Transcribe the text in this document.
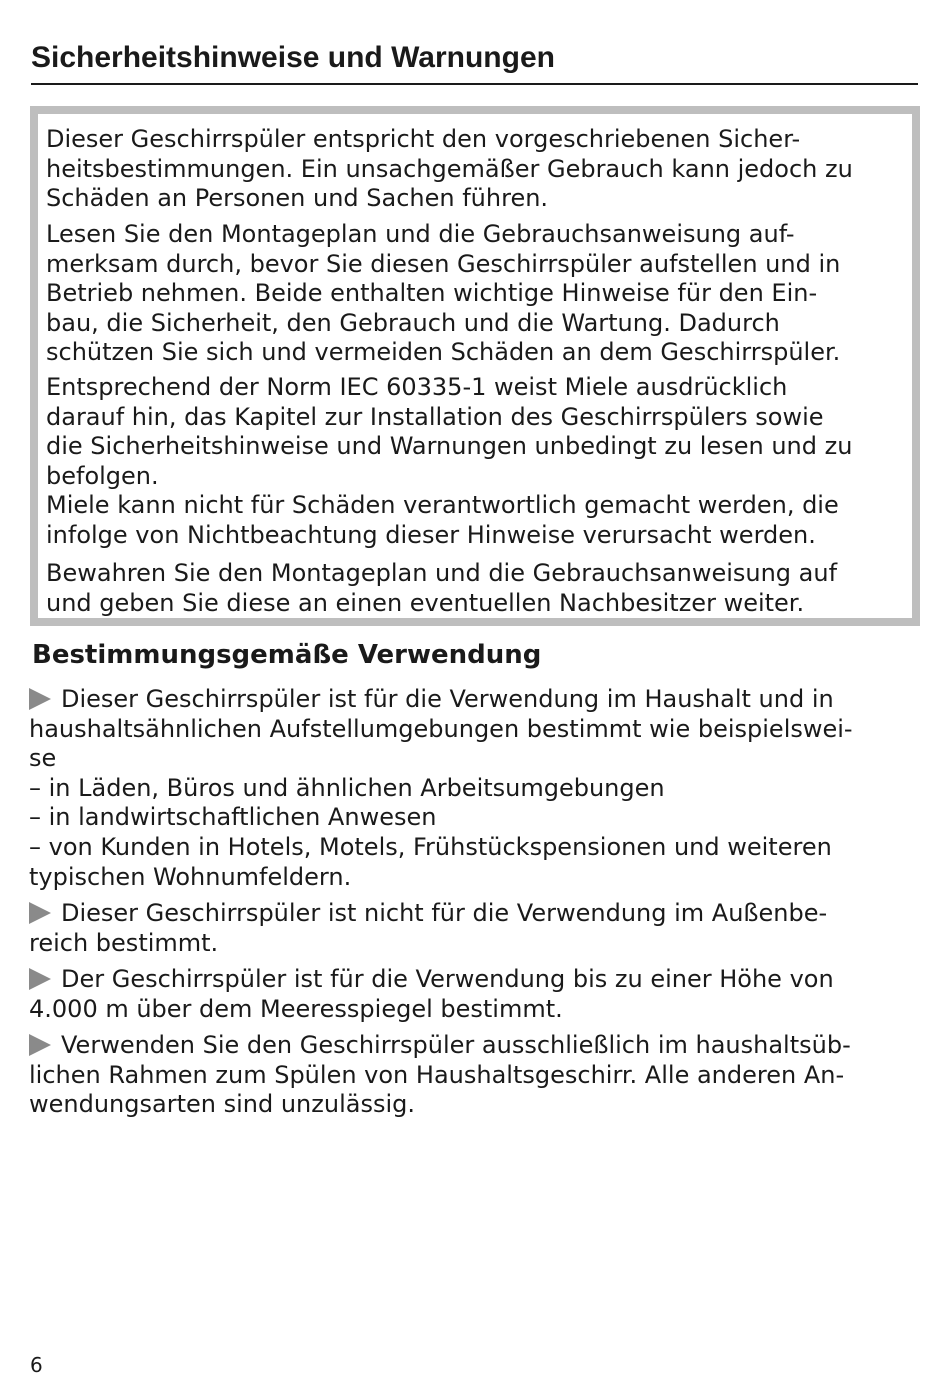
Sicherheitshinweise und Warnungen

Dieser Geschirrspüler entspricht den vorgeschriebenen Sicher-
heitsbestimmungen. Ein unsachgemäßer Gebrauch kann jedoch zu
Schäden an Personen und Sachen führen.

Lesen Sie den Montageplan und die Gebrauchsanweisung auf-
merksam durch, bevor Sie diesen Geschirrspüler aufstellen und in
Betrieb nehmen. Beide enthalten wichtige Hinweise für den Ein-
bau, die Sicherheit, den Gebrauch und die Wartung. Dadurch
schützen Sie sich und vermeiden Schäden an dem Geschirrspüler.

Entsprechend der Norm IEC 60335-1 weist Miele ausdrücklich
darauf hin, das Kapitel zur Installation des Geschirrspülers sowie
die Sicherheitshinweise und Warnungen unbedingt zu lesen und zu
befolgen.
Miele kann nicht für Schäden verantwortlich gemacht werden, die
infolge von Nichtbeachtung dieser Hinweise verursacht werden.

Bewahren Sie den Montageplan und die Gebrauchsanweisung auf
und geben Sie diese an einen eventuellen Nachbesitzer weiter.

Bestimmungsgemäße Verwendung

Dieser Geschirrspüler ist für die Verwendung im Haushalt und in
haushaltsähnlichen Aufstellumgebungen bestimmt wie beispielswei-
se
– in Läden, Büros und ähnlichen Arbeitsumgebungen
– in landwirtschaftlichen Anwesen
– von Kunden in Hotels, Motels, Frühstückspensionen und weiteren
typischen Wohnumfeldern.

Dieser Geschirrspüler ist nicht für die Verwendung im Außenbe-
reich bestimmt.

Der Geschirrspüler ist für die Verwendung bis zu einer Höhe von
4.000 m über dem Meeresspiegel bestimmt.

Verwenden Sie den Geschirrspüler ausschließlich im haushaltsüb-
lichen Rahmen zum Spülen von Haushaltsgeschirr. Alle anderen An-
wendungsarten sind unzulässig.

6
